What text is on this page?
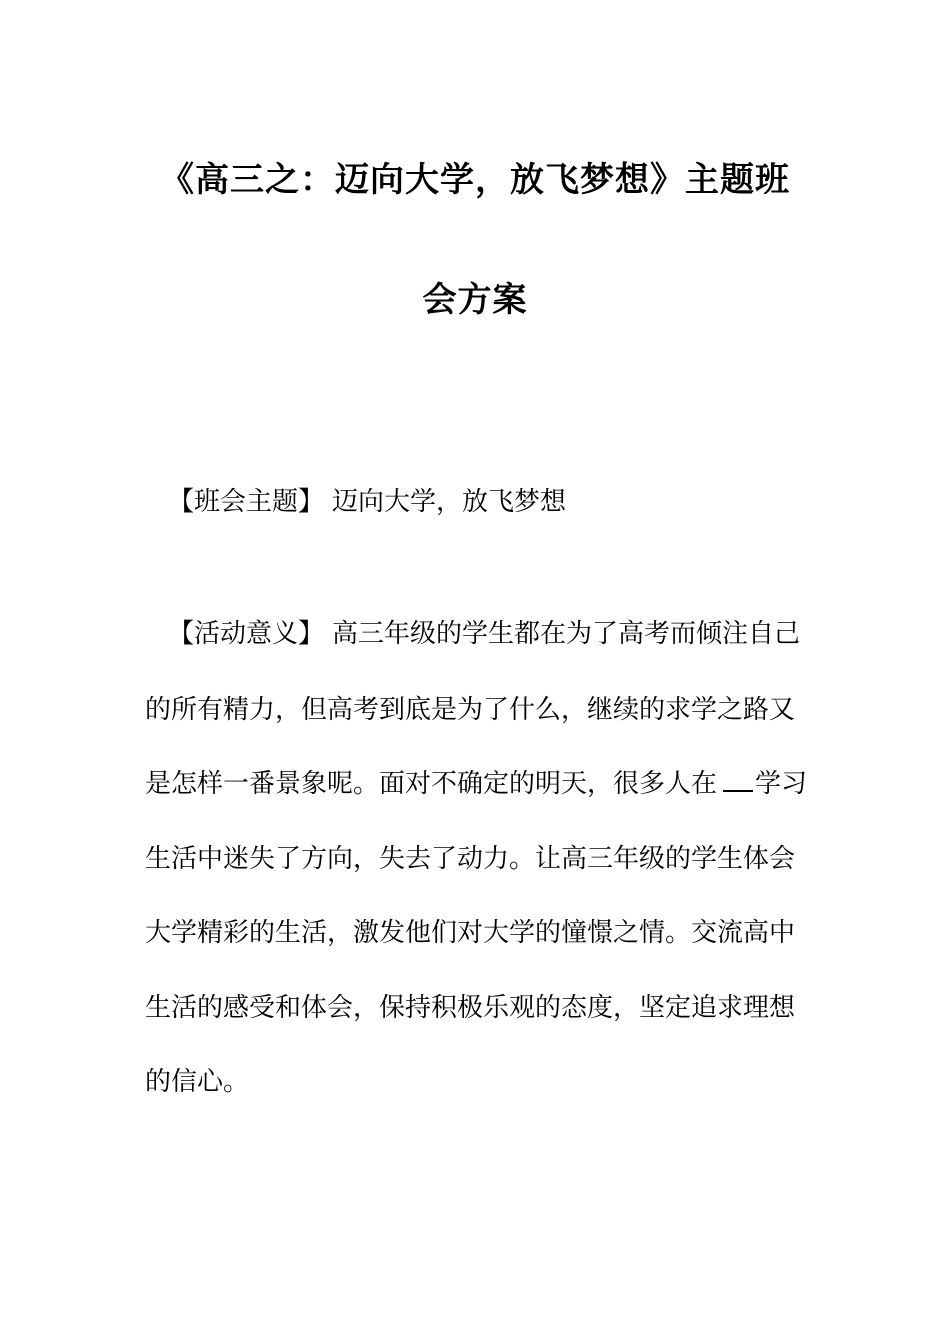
《高三之：迈向大学，放飞梦想》主题班
会方案
【班会主题】 迈向大学，放飞梦想
【活动意义】 高三年级的学生都在为了高考而倾注自己
的所有精力，但高考到底是为了什么，继续的求学之路又
是怎样一番景象呢。面对不确定的明天，很多人在 学习
生活中迷失了方向，失去了动力。让高三年级的学生体会
大学精彩的生活，激发他们对大学的憧憬之情。交流高中
生活的感受和体会，保持积极乐观的态度，坚定追求理想
的信心。
